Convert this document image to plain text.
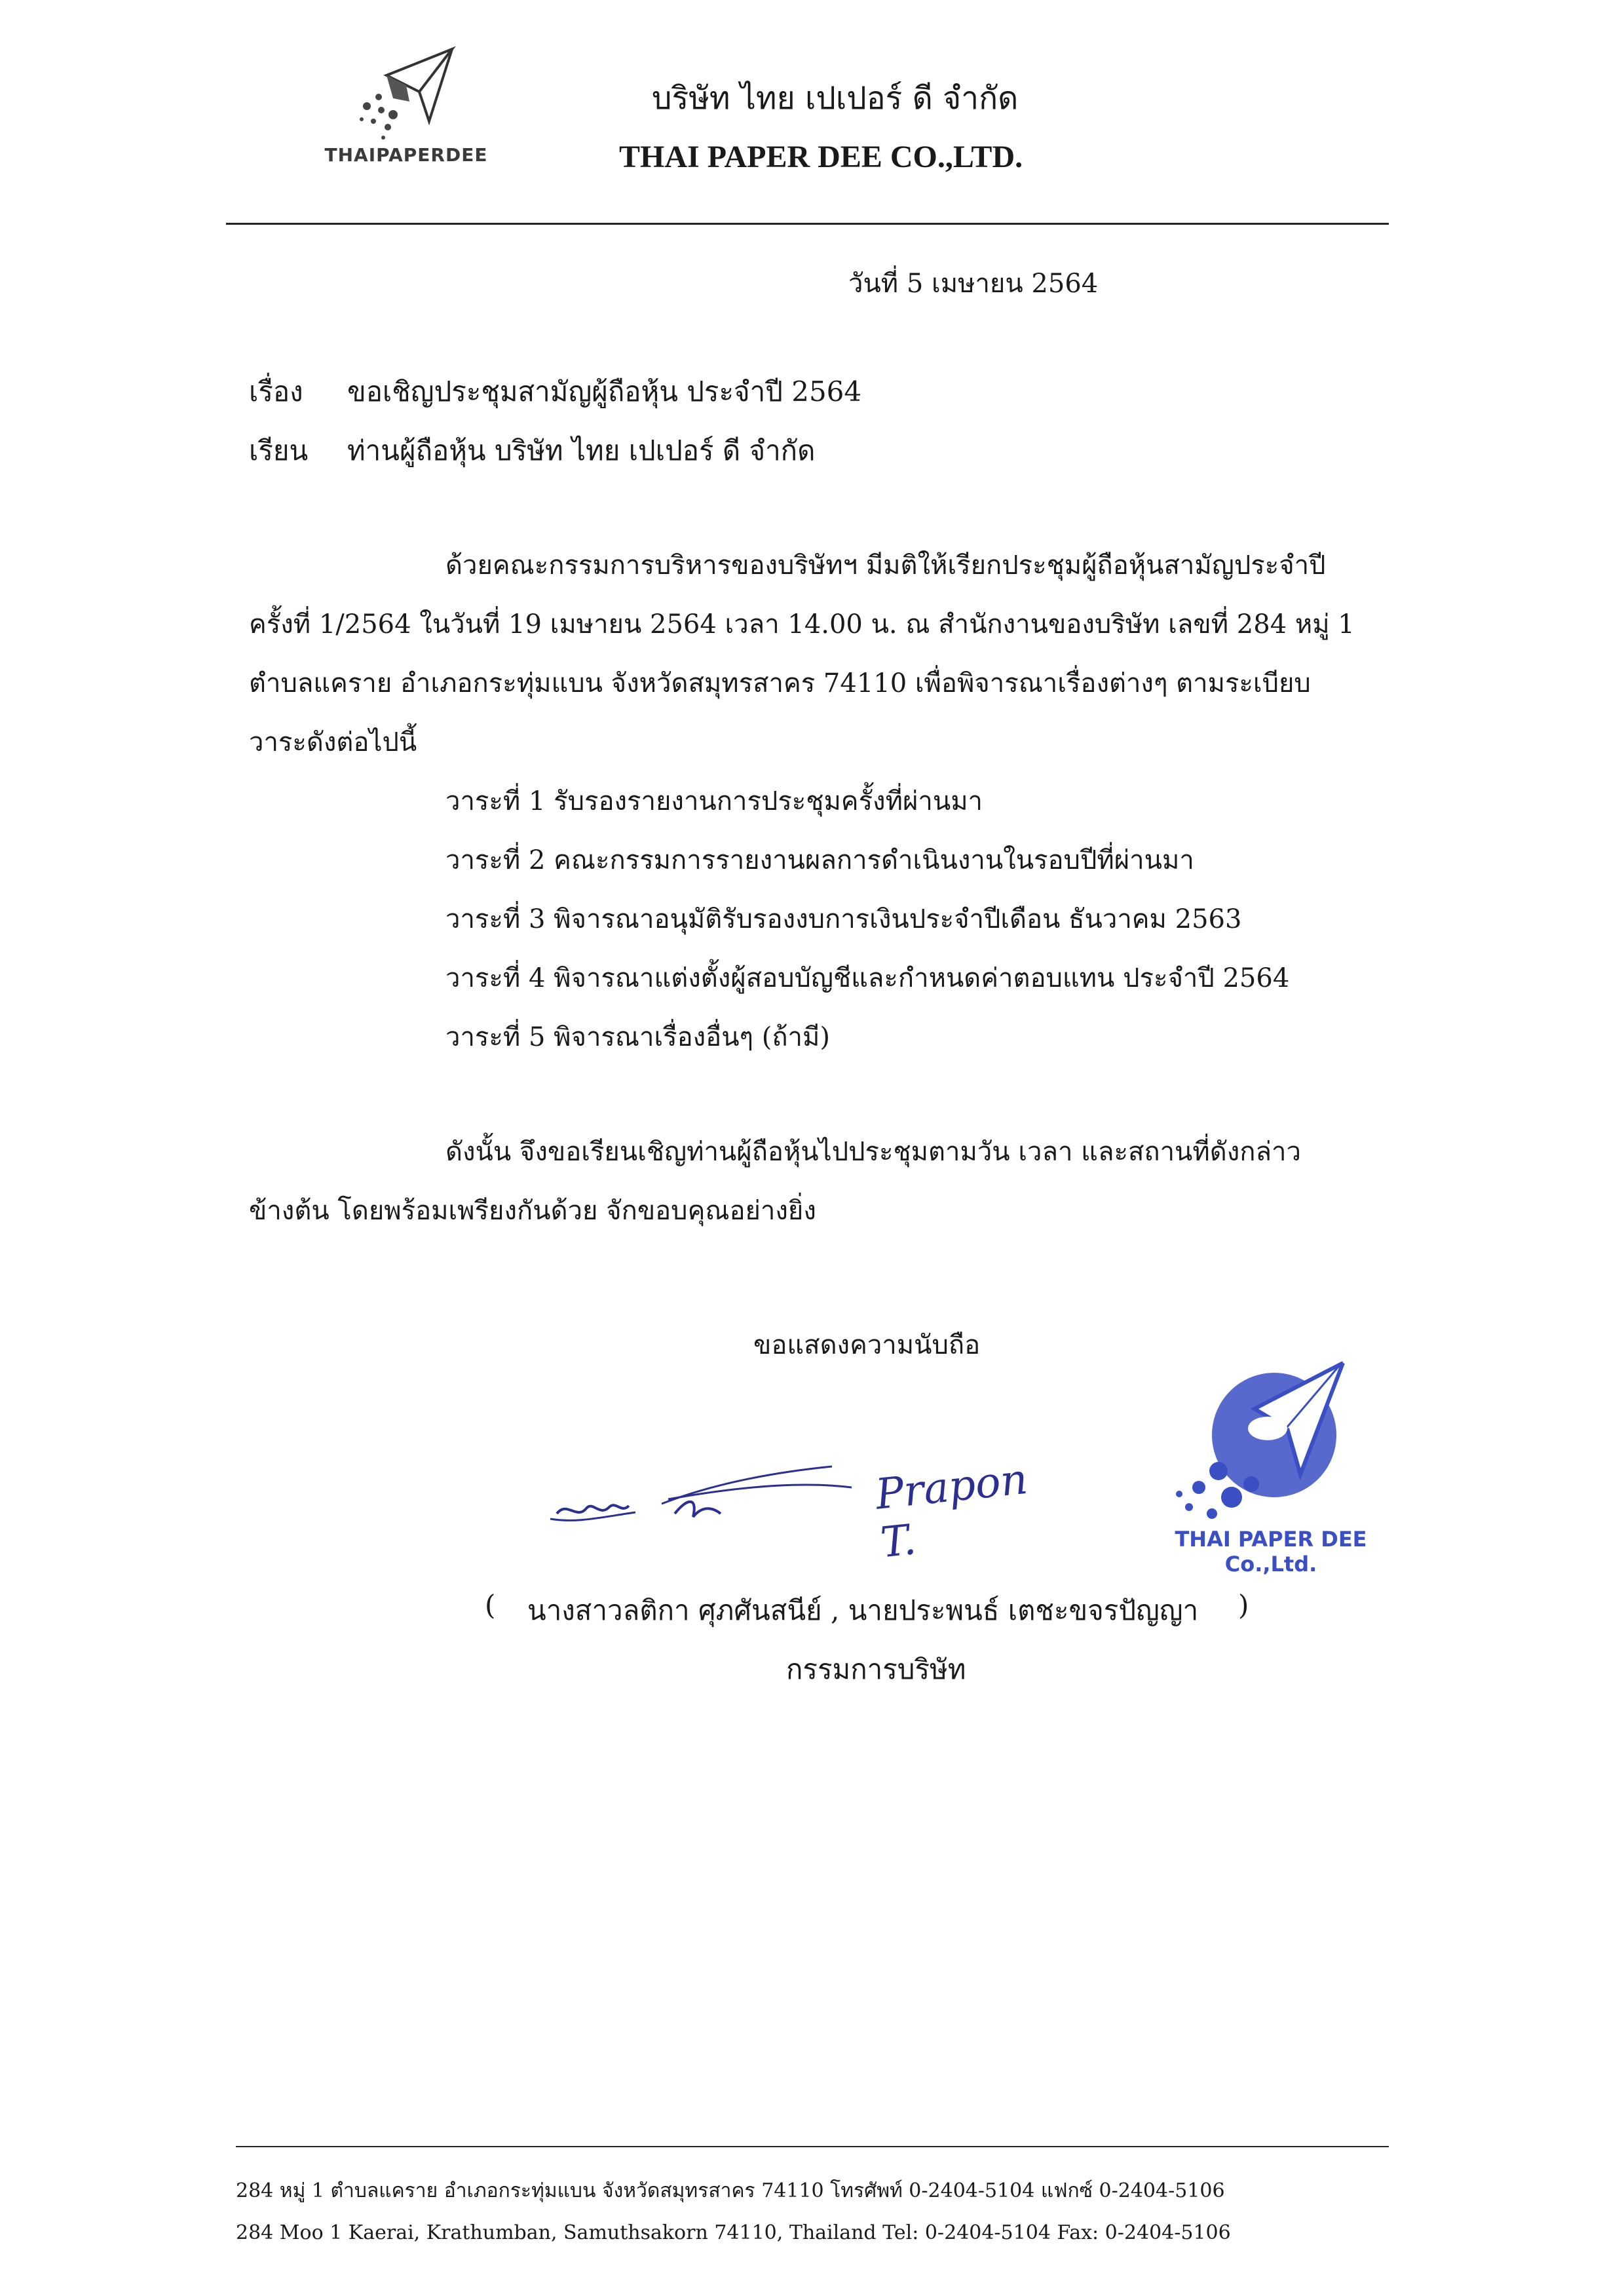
THAIPAPERDEE
บริษัท ไทย เปเปอร์ ดี จำกัด
THAI PAPER DEE CO.,LTD.
วันที่ 5 เมษายน 2564
เรื่อง ขอเชิญประชุมสามัญผู้ถือหุ้น ประจำปี 2564
เรียน ท่านผู้ถือหุ้น บริษัท ไทย เปเปอร์ ดี จำกัด
ด้วยคณะกรรมการบริหารของบริษัทฯ มีมติให้เรียกประชุมผู้ถือหุ้นสามัญประจำปี
ครั้งที่ 1/2564 ในวันที่ 19 เมษายน 2564 เวลา 14.00 น. ณ สำนักงานของบริษัท เลขที่ 284 หมู่ 1
ตำบลแคราย อำเภอกระทุ่มแบน จังหวัดสมุทรสาคร 74110 เพื่อพิจารณาเรื่องต่างๆ ตามระเบียบ
วาระดังต่อไปนี้
วาระที่ 1 รับรองรายงานการประชุมครั้งที่ผ่านมา
วาระที่ 2 คณะกรรมการรายงานผลการดำเนินงานในรอบปีที่ผ่านมา
วาระที่ 3 พิจารณาอนุมัติรับรองงบการเงินประจำปีเดือน ธันวาคม 2563
วาระที่ 4 พิจารณาแต่งตั้งผู้สอบบัญชีและกำหนดค่าตอบแทน ประจำปี 2564
วาระที่ 5 พิจารณาเรื่องอื่นๆ (ถ้ามี)
ดังนั้น จึงขอเรียนเชิญท่านผู้ถือหุ้นไปประชุมตามวัน เวลา และสถานที่ดังกล่าว
ข้างต้น โดยพร้อมเพรียงกันด้วย จักขอบคุณอย่างยิ่ง
ขอแสดงความนับถือ
Prapon T.	THAI PAPER DEE Co.,Ltd.
( นางสาวลติกา ศุภศันสนีย์ , นายประพนธ์ เตชะขจรปัญญา )
กรรมการบริษัท
284 หมู่ 1 ตำบลแคราย อำเภอกระทุ่มแบน จังหวัดสมุทรสาคร 74110 โทรศัพท์ 0-2404-5104 แฟกซ์ 0-2404-5106
284 Moo 1 Kaerai, Krathumban, Samuthsakorn 74110, Thailand Tel: 0-2404-5104 Fax: 0-2404-5106
